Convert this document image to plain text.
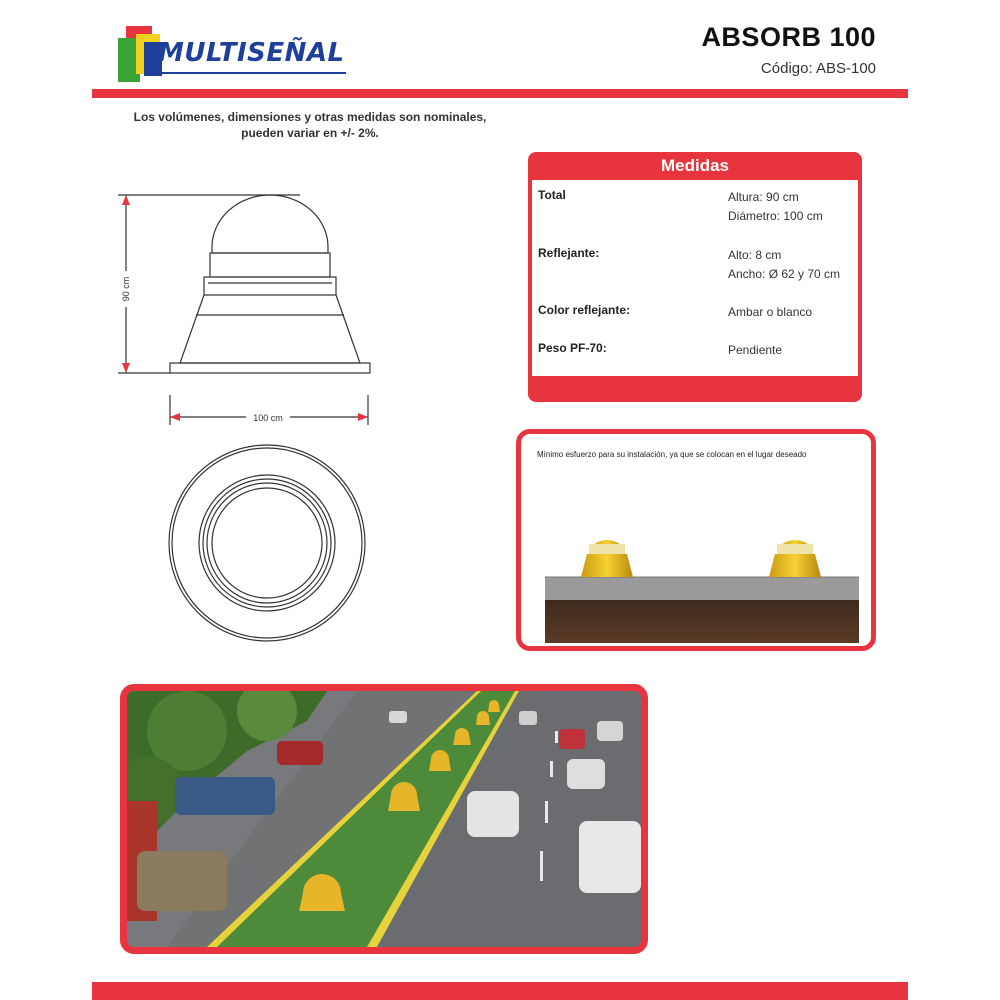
MULTISEÑAL
ABSORB 100
Código: ABS-100
Los volúmenes, dimensiones y otras medidas son nominales,
pueden variar en +/- 2%.
100 cm
90 cm
Medidas
Total	Altura: 90 cm
Diámetro: 100 cm
Reflejante:	Alto: 8 cm
Ancho: Ø 62 y 70 cm
Color reflejante:	Ambar o blanco
Peso PF-70:	Pendiente
Mínimo esfuerzo para su instalación, ya que se colocan en el lugar deseado
